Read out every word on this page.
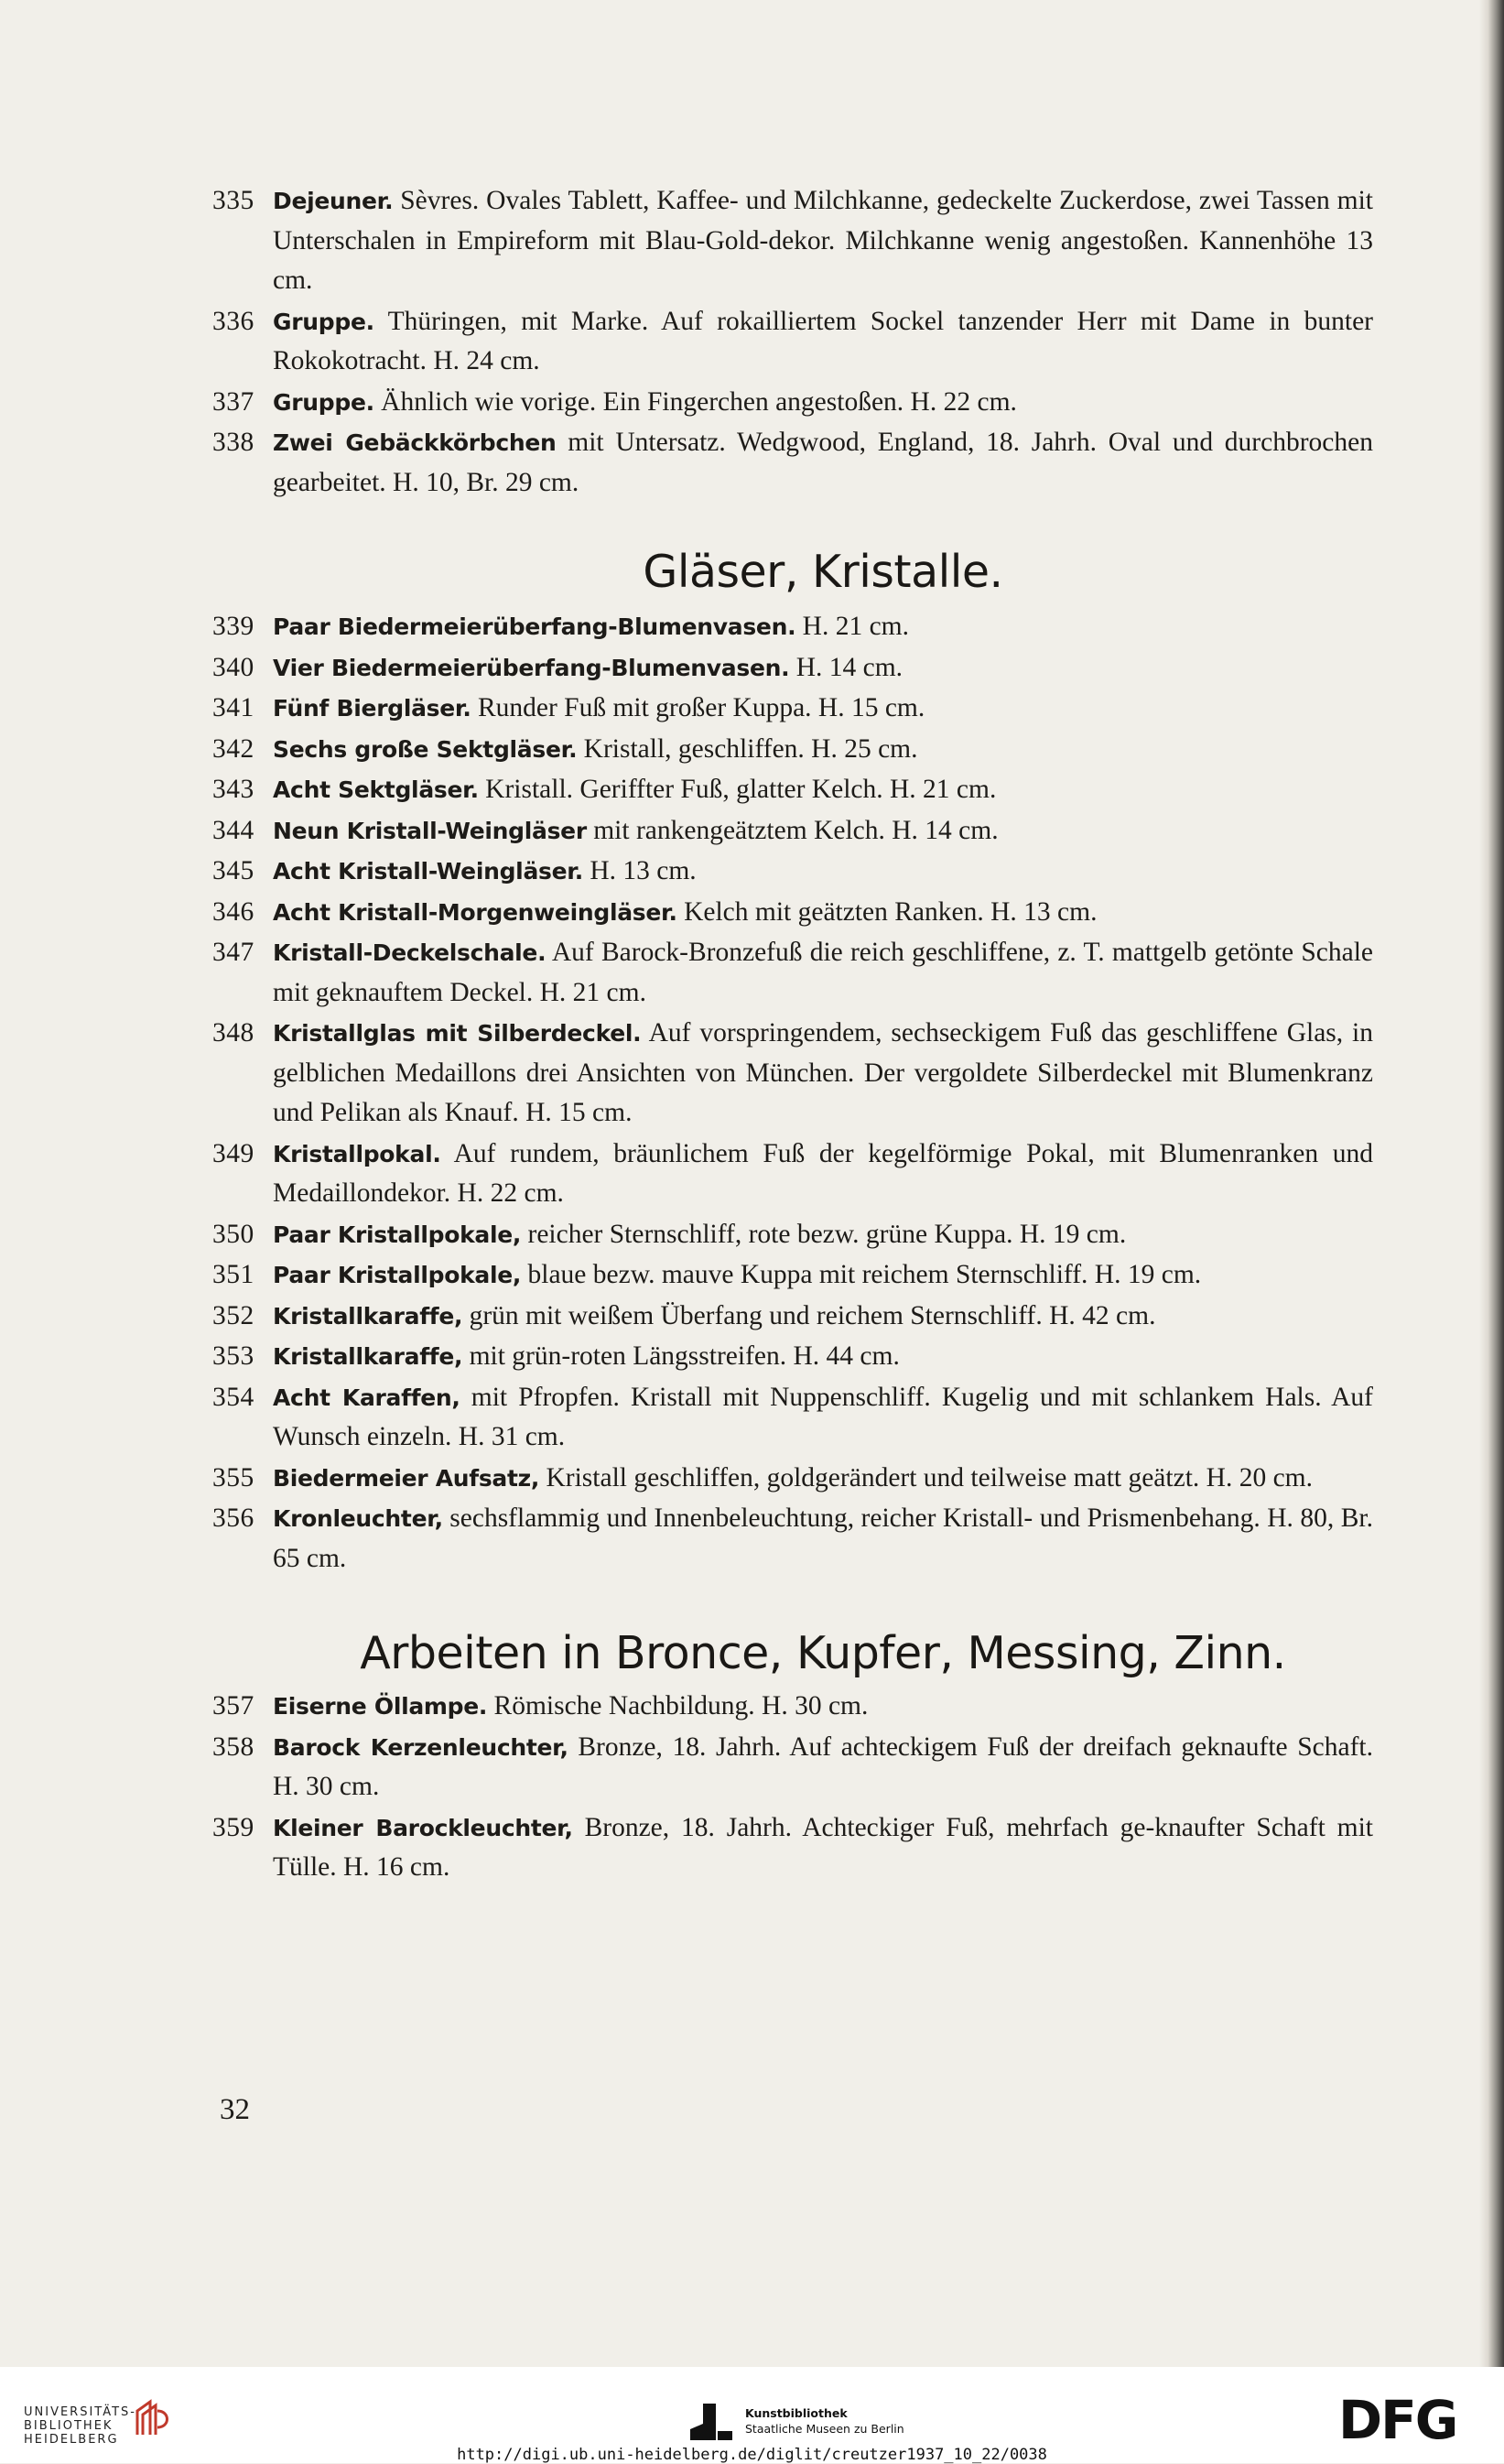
335 Dejeuner. Sèvres. Ovales Tablett, Kaffee- und Milchkanne, gedeckelte Zuckerdose, zwei Tassen mit Unterschalen in Empireform mit Blau-Gold-dekor. Milchkanne wenig angestoßen. Kannenhöhe 13 cm.
336 Gruppe. Thüringen, mit Marke. Auf rokailliertem Sockel tanzender Herr mit Dame in bunter Rokokotracht. H. 24 cm.
337 Gruppe. Ähnlich wie vorige. Ein Fingerchen angestoßen. H. 22 cm.
338 Zwei Gebäckkörbchen mit Untersatz. Wedgwood, England, 18. Jahrh. Oval und durchbrochen gearbeitet. H. 10, Br. 29 cm.
Gläser, Kristalle.
339 Paar Biedermeierüberfang-Blumenvasen. H. 21 cm.
340 Vier Biedermeierüberfang-Blumenvasen. H. 14 cm.
341 Fünf Biergläser. Runder Fuß mit großer Kuppa. H. 15 cm.
342 Sechs große Sektgläser. Kristall, geschliffen. H. 25 cm.
343 Acht Sektgläser. Kristall. Geriffter Fuß, glatter Kelch. H. 21 cm.
344 Neun Kristall-Weingläser mit rankengeätztem Kelch. H. 14 cm.
345 Acht Kristall-Weingläser. H. 13 cm.
346 Acht Kristall-Morgenweingläser. Kelch mit geätzten Ranken. H. 13 cm.
347 Kristall-Deckelschale. Auf Barock-Bronzefuß die reich geschliffene, z. T. mattgelb getönte Schale mit geknauftem Deckel. H. 21 cm.
348 Kristallglas mit Silberdeckel. Auf vorspringendem, sechseckigem Fuß das geschliffene Glas, in gelblichen Medaillons drei Ansichten von München. Der vergoldete Silberdeckel mit Blumenkranz und Pelikan als Knauf. H. 15 cm.
349 Kristallpokal. Auf rundem, bräunlichem Fuß der kegelförmige Pokal, mit Blumenranken und Medaillondekor. H. 22 cm.
350 Paar Kristallpokale, reicher Sternschliff, rote bezw. grüne Kuppa. H. 19 cm.
351 Paar Kristallpokale, blaue bezw. mauve Kuppa mit reichem Sternschliff. H. 19 cm.
352 Kristallkaraffe, grün mit weißem Überfang und reichem Sternschliff. H. 42 cm.
353 Kristallkaraffe, mit grün-roten Längsstreifen. H. 44 cm.
354 Acht Karaffen, mit Pfropfen. Kristall mit Nuppenschliff. Kugelig und mit schlankem Hals. Auf Wunsch einzeln. H. 31 cm.
355 Biedermeier Aufsatz, Kristall geschliffen, goldgerändert und teilweise matt geätzt. H. 20 cm.
356 Kronleuchter, sechsflammig und Innenbeleuchtung, reicher Kristall- und Prismenbehang. H. 80, Br. 65 cm.
Arbeiten in Bronce, Kupfer, Messing, Zinn.
357 Eiserne Öllampe. Römische Nachbildung. H. 30 cm.
358 Barock Kerzenleuchter, Bronze, 18. Jahrh. Auf achteckigem Fuß der dreifach geknaufte Schaft. H. 30 cm.
359 Kleiner Barockleuchter, Bronze, 18. Jahrh. Achteckiger Fuß, mehrfach ge-knaufter Schaft mit Tülle. H. 16 cm.
32
UNIVERSITÄTS-
BIBLIOTHEK
HEIDELBERG
Kunstbibliothek
Staatliche Museen zu Berlin	DFG
http://digi.ub.uni-heidelberg.de/diglit/creutzer1937_10_22/0038
